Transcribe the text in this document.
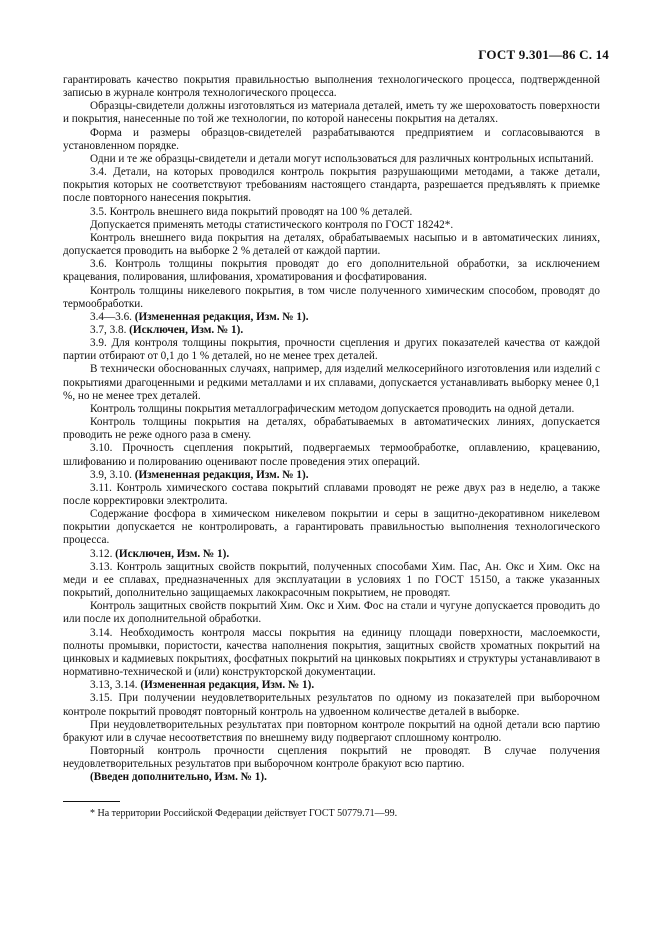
ГОСТ 9.301—86 С. 14

гарантировать качество покрытия правильностью выполнения технологического процесса, подтвержденной записью в журнале контроля технологического процесса.

Образцы-свидетели должны изготовляться из материала деталей, иметь ту же шероховатость поверхности и покрытия, нанесенные по той же технологии, по которой нанесены покрытия на деталях.

Форма и размеры образцов-свидетелей разрабатываются предприятием и согласовываются в установленном порядке.

Одни и те же образцы-свидетели и детали могут использоваться для различных контрольных испытаний.

3.4. Детали, на которых проводился контроль покрытия разрушающими методами, а также детали, покрытия которых не соответствуют требованиям настоящего стандарта, разрешается предъявлять к приемке после повторного нанесения покрытия.

3.5. Контроль внешнего вида покрытий проводят на 100 % деталей.

Допускается применять методы статистического контроля по ГОСТ 18242*.

Контроль внешнего вида покрытия на деталях, обрабатываемых насыпью и в автоматических линиях, допускается проводить на выборке 2 % деталей от каждой партии.

3.6. Контроль толщины покрытия проводят до его дополнительной обработки, за исключением крацевания, полирования, шлифования, хроматирования и фосфатирования.

Контроль толщины никелевого покрытия, в том числе полученного химическим способом, проводят до термообработки.

3.4—3.6. (Измененная редакция, Изм. № 1).

3.7, 3.8. (Исключен, Изм. № 1).

3.9. Для контроля толщины покрытия, прочности сцепления и других показателей качества от каждой партии отбирают от 0,1 до 1 % деталей, но не менее трех деталей.

В технически обоснованных случаях, например, для изделий мелкосерийного изготовления или изделий с покрытиями драгоценными и редкими металлами и их сплавами, допускается устанавливать выборку менее 0,1 %, но не менее трех деталей.

Контроль толщины покрытия металлографическим методом допускается проводить на одной детали.

Контроль толщины покрытия на деталях, обрабатываемых в автоматических линиях, допускается проводить не реже одного раза в смену.

3.10. Прочность сцепления покрытий, подвергаемых термообработке, оплавлению, крацеванию, шлифованию и полированию оценивают после проведения этих операций.

3.9, 3.10. (Измененная редакция, Изм. № 1).

3.11. Контроль химического состава покрытий сплавами проводят не реже двух раз в неделю, а также после корректировки электролита.

Содержание фосфора в химическом никелевом покрытии и серы в защитно-декоративном никелевом покрытии допускается не контролировать, а гарантировать правильностью выполнения технологического процесса.

3.12. (Исключен, Изм. № 1).

3.13. Контроль защитных свойств покрытий, полученных способами Хим. Пас, Ан. Окс и Хим. Окс на меди и ее сплавах, предназначенных для эксплуатации в условиях 1 по ГОСТ 15150, а также указанных покрытий, дополнительно защищаемых лакокрасочным покрытием, не проводят.

Контроль защитных свойств покрытий Хим. Окс и Хим. Фос на стали и чугуне допускается проводить до или после их дополнительной обработки.

3.14. Необходимость контроля массы покрытия на единицу площади поверхности, маслоемкости, полноты промывки, пористости, качества наполнения покрытия, защитных свойств хроматных покрытий на цинковых и кадмиевых покрытиях, фосфатных покрытий на цинковых покрытиях и структуры устанавливают в нормативно-технической и (или) конструкторской документации.

3.13, 3.14. (Измененная редакция, Изм. № 1).

3.15. При получении неудовлетворительных результатов по одному из показателей при выборочном контроле покрытий проводят повторный контроль на удвоенном количестве деталей в выборке.

При неудовлетворительных результатах при повторном контроле покрытий на одной детали всю партию бракуют или в случае несоответствия по внешнему виду подвергают сплошному контролю.

Повторный контроль прочности сцепления покрытий не проводят. В случае получения неудовлетворительных результатов при выборочном контроле бракуют всю партию.

(Введен дополнительно, Изм. № 1).

* На территории Российской Федерации действует ГОСТ 50779.71—99.
